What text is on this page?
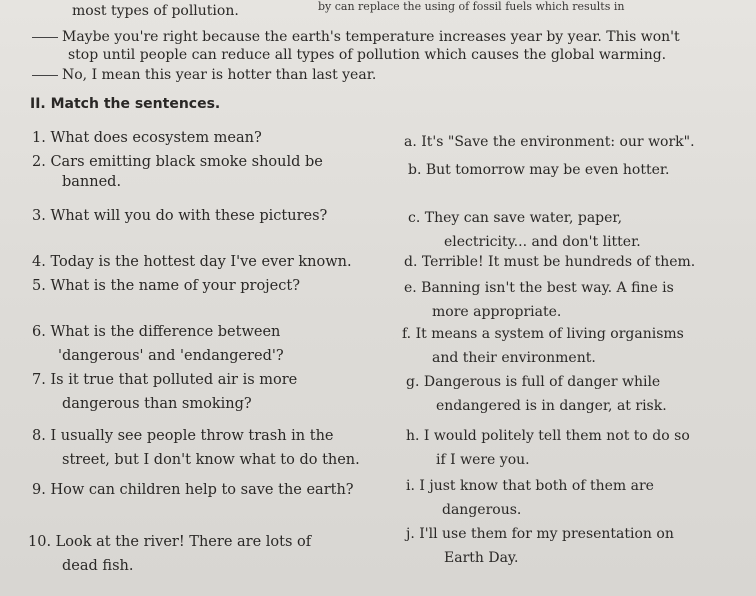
most types of pollution.	by can replace the using of fossil fuels which results in
Maybe you're right because the earth's temperature increases year by year. This won't
stop until people can reduce all types of pollution which causes the global warming.
No, I mean this year is hotter than last year.
II. Match the sentences.
1. What does ecosystem mean?
2. Cars emitting black smoke should be
banned.
3. What will you do with these pictures?
4. Today is the hottest day I've ever known.
5. What is the name of your project?
6. What is the difference between
'dangerous' and 'endangered'?
7. Is it true that polluted air is more
dangerous than smoking?
8. I usually see people throw trash in the
street, but I don't know what to do then.
9. How can children help to save the earth?
10. Look at the river! There are lots of
dead fish.
a. It's "Save the environment: our work".
b. But tomorrow may be even hotter.
c. They can save water, paper,
electricity... and don't litter.
d. Terrible! It must be hundreds of them.
e. Banning isn't the best way. A fine is
more appropriate.
f. It means a system of living organisms
and their environment.
g. Dangerous is full of danger while
endangered is in danger, at risk.
h. I would politely tell them not to do so
if I were you.
i. I just know that both of them are
dangerous.
j. I'll use them for my presentation on
Earth Day.
